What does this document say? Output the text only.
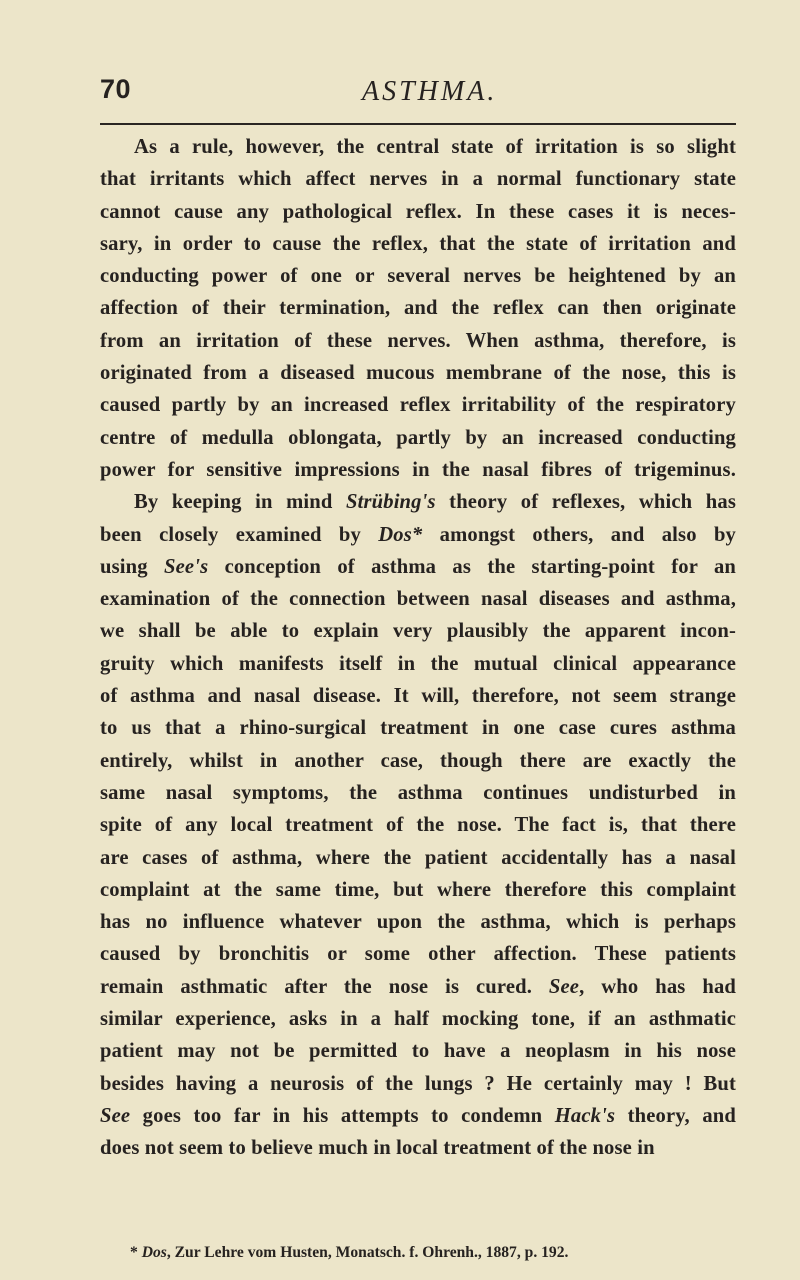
70	ASTHMA.
As a rule, however, the central state of irritation is so slight
that irritants which affect nerves in a normal functionary state
cannot cause any pathological reflex. In these cases it is neces-
sary, in order to cause the reflex, that the state of irritation and
conducting power of one or several nerves be heightened by an
affection of their termination, and the reflex can then originate
from an irritation of these nerves. When asthma, therefore, is
originated from a diseased mucous membrane of the nose, this is
caused partly by an increased reflex irritability of the respiratory
centre of medulla oblongata, partly by an increased conducting
power for sensitive impressions in the nasal fibres of trigeminus.
By keeping in mind Strübing's theory of reflexes, which has
been closely examined by Dos* amongst others, and also by
using See's conception of asthma as the starting-point for an
examination of the connection between nasal diseases and asthma,
we shall be able to explain very plausibly the apparent incon-
gruity which manifests itself in the mutual clinical appearance
of asthma and nasal disease. It will, therefore, not seem strange
to us that a rhino-surgical treatment in one case cures asthma
entirely, whilst in another case, though there are exactly the
same nasal symptoms, the asthma continues undisturbed in
spite of any local treatment of the nose. The fact is, that there
are cases of asthma, where the patient accidentally has a nasal
complaint at the same time, but where therefore this complaint
has no influence whatever upon the asthma, which is perhaps
caused by bronchitis or some other affection. These patients
remain asthmatic after the nose is cured. See, who has had
similar experience, asks in a half mocking tone, if an asthmatic
patient may not be permitted to have a neoplasm in his nose
besides having a neurosis of the lungs ? He certainly may ! But
See goes too far in his attempts to condemn Hack's theory, and
does not seem to believe much in local treatment of the nose in
* Dos, Zur Lehre vom Husten, Monatsch. f. Ohrenh., 1887, p. 192.
